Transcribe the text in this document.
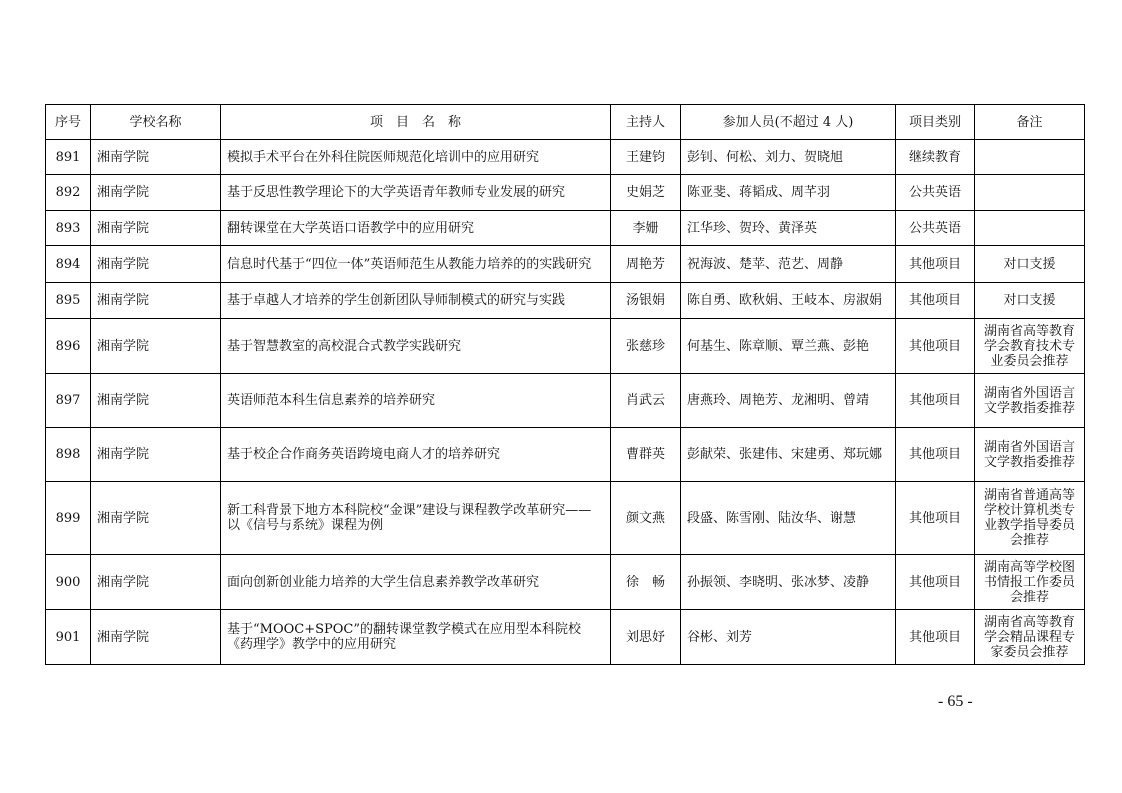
序号	学校名称	项　目　名　称	主持人	参加人员(不超过 4 人)	项目类别	备注
891	湘南学院	模拟手术平台在外科住院医师规范化培训中的应用研究	王建钧	彭钊、何松、刘力、贺晓旭	继续教育	
892	湘南学院	基于反思性教学理论下的大学英语青年教师专业发展的研究	史娟芝	陈亚斐、蒋韬成、周芊羽	公共英语	
893	湘南学院	翻转课堂在大学英语口语教学中的应用研究	李姗	江华珍、贺玲、黄泽英	公共英语	
894	湘南学院	信息时代基于“四位一体”英语师范生从教能力培养的的实践研究	周艳芳	祝海波、楚苹、范艺、周静	其他项目	对口支援
895	湘南学院	基于卓越人才培养的学生创新团队导师制模式的研究与实践	汤银娟	陈自勇、欧秋娟、王岐本、房淑娟	其他项目	对口支援
896	湘南学院	基于智慧教室的高校混合式教学实践研究	张慈珍	何基生、陈章顺、覃兰燕、彭艳	其他项目	湖南省高等教育学会教育技术专业委员会推荐
897	湘南学院	英语师范本科生信息素养的培养研究	肖武云	唐燕玲、周艳芳、龙湘明、曾靖	其他项目	湖南省外国语言文学教指委推荐
898	湘南学院	基于校企合作商务英语跨境电商人才的培养研究	曹群英	彭献荣、张建伟、宋建勇、郑玩娜	其他项目	湖南省外国语言文学教指委推荐
899	湘南学院	新工科背景下地方本科院校“金课”建设与课程教学改革研究——以《信号与系统》课程为例	颜文燕	段盛、陈雪刚、陆汝华、谢慧	其他项目	湖南省普通高等学校计算机类专业教学指导委员会推荐
900	湘南学院	面向创新创业能力培养的大学生信息素养教学改革研究	徐　畅	孙振领、李晓明、张冰梦、凌静	其他项目	湖南高等学校图书情报工作委员会推荐
901	湘南学院	基于“MOOC+SPOC”的翻转课堂教学模式在应用型本科院校《药理学》教学中的应用研究	刘思妤	谷彬、刘芳	其他项目	湖南省高等教育学会精品课程专家委员会推荐
- 65 -
